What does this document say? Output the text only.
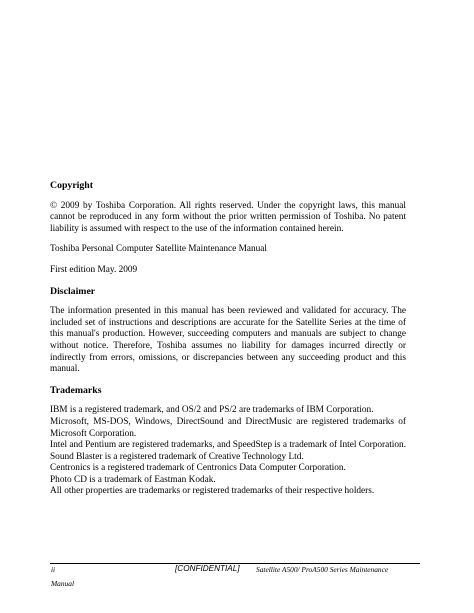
Copyright
© 2009 by Toshiba Corporation. All rights reserved. Under the copyright laws, this manual cannot be reproduced in any form without the prior written permission of Toshiba. No patent liability is assumed with respect to the use of the information contained herein.
Toshiba Personal Computer Satellite Maintenance Manual
First edition May. 2009
Disclaimer
The information presented in this manual has been reviewed and validated for accuracy. The included set of instructions and descriptions are accurate for the Satellite Series at the time of this manual's production. However, succeeding computers and manuals are subject to change without notice. Therefore, Toshiba assumes no liability for damages incurred directly or indirectly from errors, omissions, or discrepancies between any succeeding product and this manual.
Trademarks
IBM is a registered trademark, and OS/2 and PS/2 are trademarks of IBM Corporation.
Microsoft, MS-DOS, Windows, DirectSound and DirectMusic are registered trademarks of Microsoft Corporation.
Intel and Pentium are registered trademarks, and SpeedStep is a trademark of Intel Corporation.
Sound Blaster is a registered trademark of Creative Technology Ltd.
Centronics is a registered trademark of Centronics Data Computer Corporation.
Photo CD is a trademark of Eastman Kodak.
All other properties are trademarks or registered trademarks of their respective holders.
ii	[CONFIDENTIAL] Satellite A500/ ProA500 Series Maintenance
Manual
